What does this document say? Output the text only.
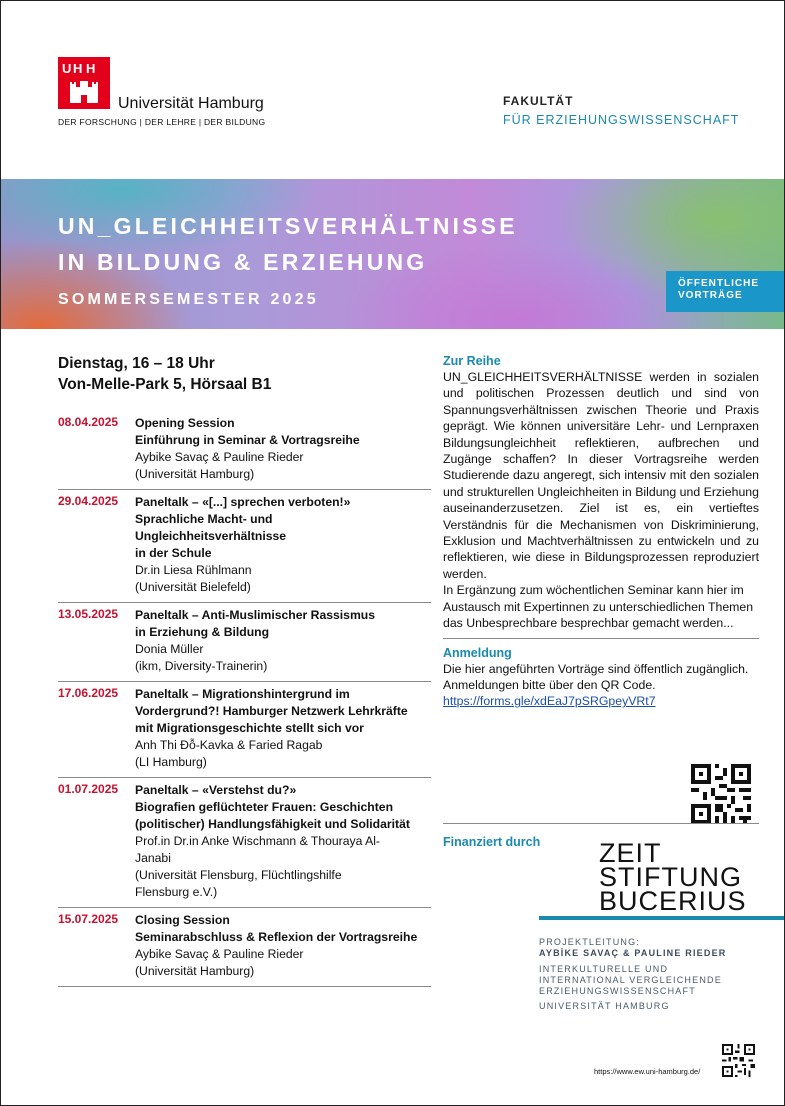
U H H
Universität Hamburg
DER FORSCHUNG | DER LEHRE | DER BILDUNG
FAKULTÄT
FÜR ERZIEHUNGSWISSENSCHAFT
UN_GLEICHHEITSVERHÄLTNISSE
IN BILDUNG & ERZIEHUNG
SOMMERSEMESTER 2025
ÖFFENTLICHE
VORTRÄGE
Dienstag, 16 – 18 Uhr
Von-Melle-Park 5, Hörsaal B1
08.04.2025	Opening Session
Einführung in Seminar & Vortragsreihe
Aybike Savaç & Pauline Rieder
(Universität Hamburg)
29.04.2025	Paneltalk – «[...] sprechen verboten!»
Sprachliche Macht- und
Ungleichheitsverhältnisse
in der Schule
Dr.in Liesa Rühlmann
(Universität Bielefeld)
13.05.2025	Paneltalk – Anti-Muslimischer Rassismus
in Erziehung & Bildung
Donia Müller
(ikm, Diversity-Trainerin)
17.06.2025	Paneltalk – Migrationshintergrund im
Vordergrund?! Hamburger Netzwerk Lehrkräfte
mit Migrationsgeschichte stellt sich vor
Anh Thi Đỗ-Kavka & Faried Ragab
(LI Hamburg)
01.07.2025	Paneltalk – «Verstehst du?»
Biografien geflüchteter Frauen: Geschichten
(politischer) Handlungsfähigkeit und Solidarität
Prof.in Dr.in Anke Wischmann & Thouraya Al-
Janabi
(Universität Flensburg, Flüchtlingshilfe
Flensburg e.V.)
15.07.2025	Closing Session
Seminarabschluss & Reflexion der Vortragsreihe
Aybike Savaç & Pauline Rieder
(Universität Hamburg)
Zur Reihe
UN_GLEICHHEITSVERHÄLTNISSE werden in sozialen und politischen Prozessen deutlich und sind von Spannungsverhältnissen zwischen Theorie und Praxis geprägt. Wie können universitäre Lehr- und Lernpraxen Bildungsungleichheit reflektieren, aufbrechen und Zugänge schaffen? In dieser Vortragsreihe werden Studierende dazu angeregt, sich intensiv mit den sozialen und strukturellen Ungleichheiten in Bildung und Erziehung auseinanderzusetzen. Ziel ist es, ein vertieftes Verständnis für die Mechanismen von Diskriminierung, Exklusion und Machtverhältnissen zu entwickeln und zu reflektieren, wie diese in Bildungsprozessen reproduziert werden.
In Ergänzung zum wöchentlichen Seminar kann hier im Austausch mit Expertinnen zu unterschiedlichen Themen das Unbesprechbare besprechbar gemacht werden...
Anmeldung
Die hier angeführten Vorträge sind öffentlich zugänglich. Anmeldungen bitte über den QR Code.
https://forms.gle/xdEaJ7pSRGpeyVRt7
Finanziert durch ZEIT
STIFTUNG
BUCERIUS
PROJEKTLEITUNG:
AYBİKE SAVAÇ & PAULINE RIEDER
INTERKULTURELLE UND
INTERNATIONAL VERGLEICHENDE
ERZIEHUNGSWISSENSCHAFT
UNIVERSITÄT HAMBURG
https://www.ew.uni-hamburg.de/
